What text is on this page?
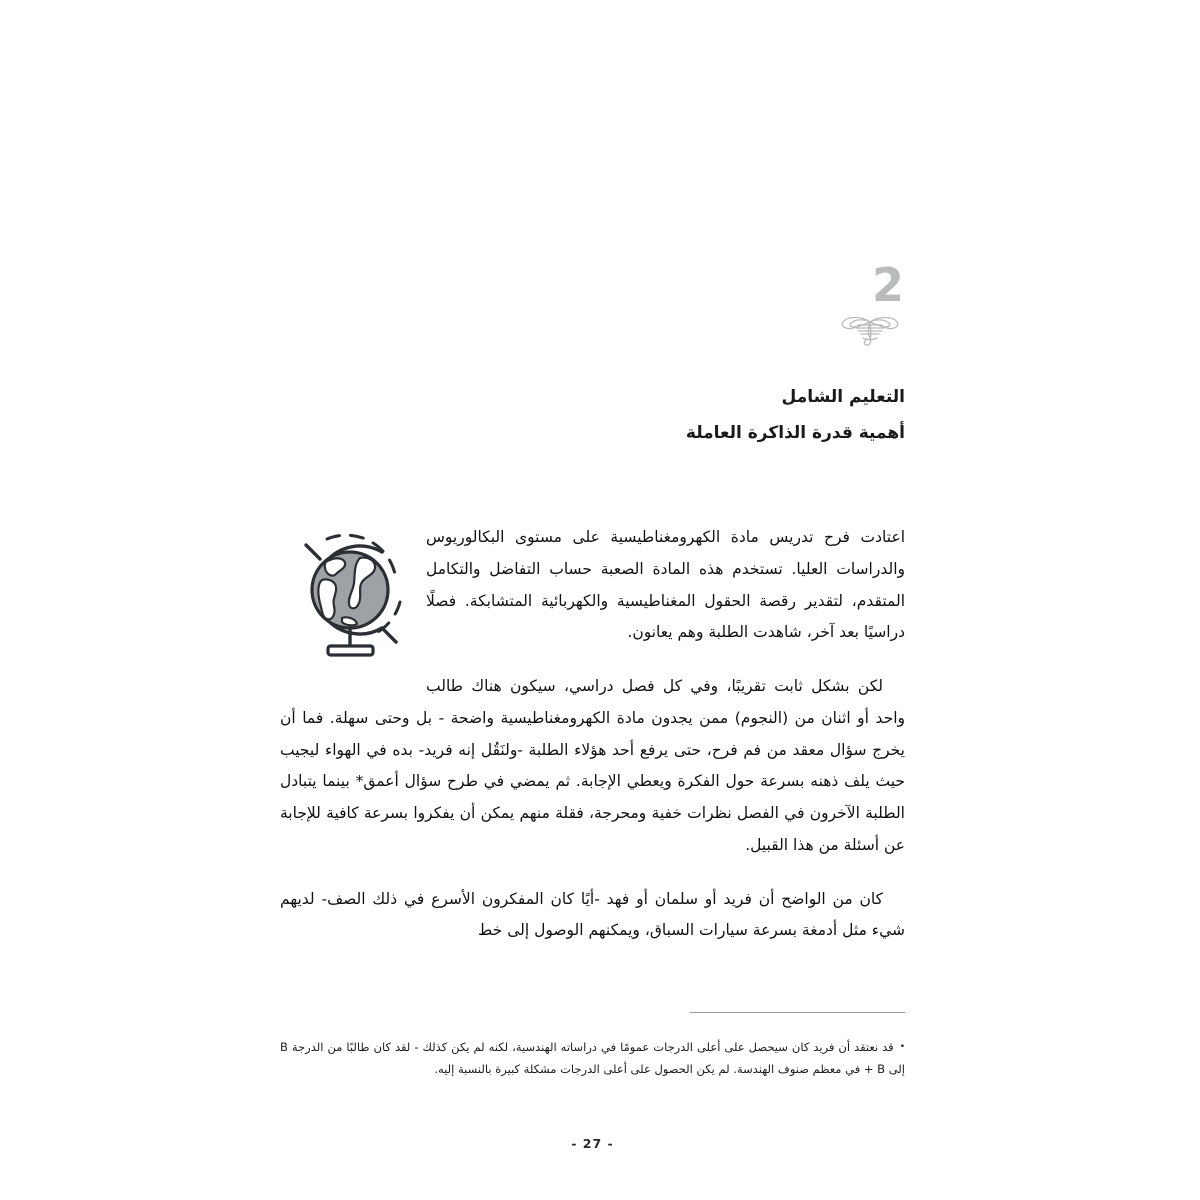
2
التعليم الشامل
أهمية قدرة الذاكرة العاملة

اعتادت فرح تدريس مادة الكهرومغناطيسية على مستوى البكالوريوس والدراسات العليا. تستخدم هذه المادة الصعبة حساب التفاضل والتكامل المتقدم، لتقدير رقصة الحقول المغناطيسية والكهربائية المتشابكة. فصلًا دراسيًا بعد آخر، شاهدت الطلبة وهم يعانون.

لكن بشكل ثابت تقريبًا، وفي كل فصل دراسي، سيكون هناك طالب واحد أو اثنان من (النجوم) ممن يجدون مادة الكهرومغناطيسية واضحة - بل وحتى سهلة. فما أن يخرج سؤال معقد من فم فرح، حتى يرفع أحد هؤلاء الطلبة -ولنَقُل إنه فريد- بده في الهواء ليجيب حيث يلف ذهنه بسرعة حول الفكرة ويعطي الإجابة. ثم يمضي في طرح سؤال أعمق* بينما يتبادل الطلبة الآخرون في الفصل نظرات خفية ومحرجة، فقلة منهم يمكن أن يفكروا بسرعة كافية للإجابة عن أسئلة من هذا القبيل.

كان من الواضح أن فريد أو سلمان أو فهد -أيًا كان المفكرون الأسرع في ذلك الصف- لديهم شيء مثل أدمغة بسرعة سيارات السباق، ويمكنهم الوصول إلى خط

•قد نعتقد أن فريد كان سيحصل على أعلى الدرجات عمومًا في دراساته الهندسية، لكنه لم يكن كذلك - لقد كان طالبًا من الدرجة B إلى B + في معظم صنوف الهندسة. لم يكن الحصول على أعلى الدرجات مشكلة كبيرة بالنسبة إليه.

- 27 -
